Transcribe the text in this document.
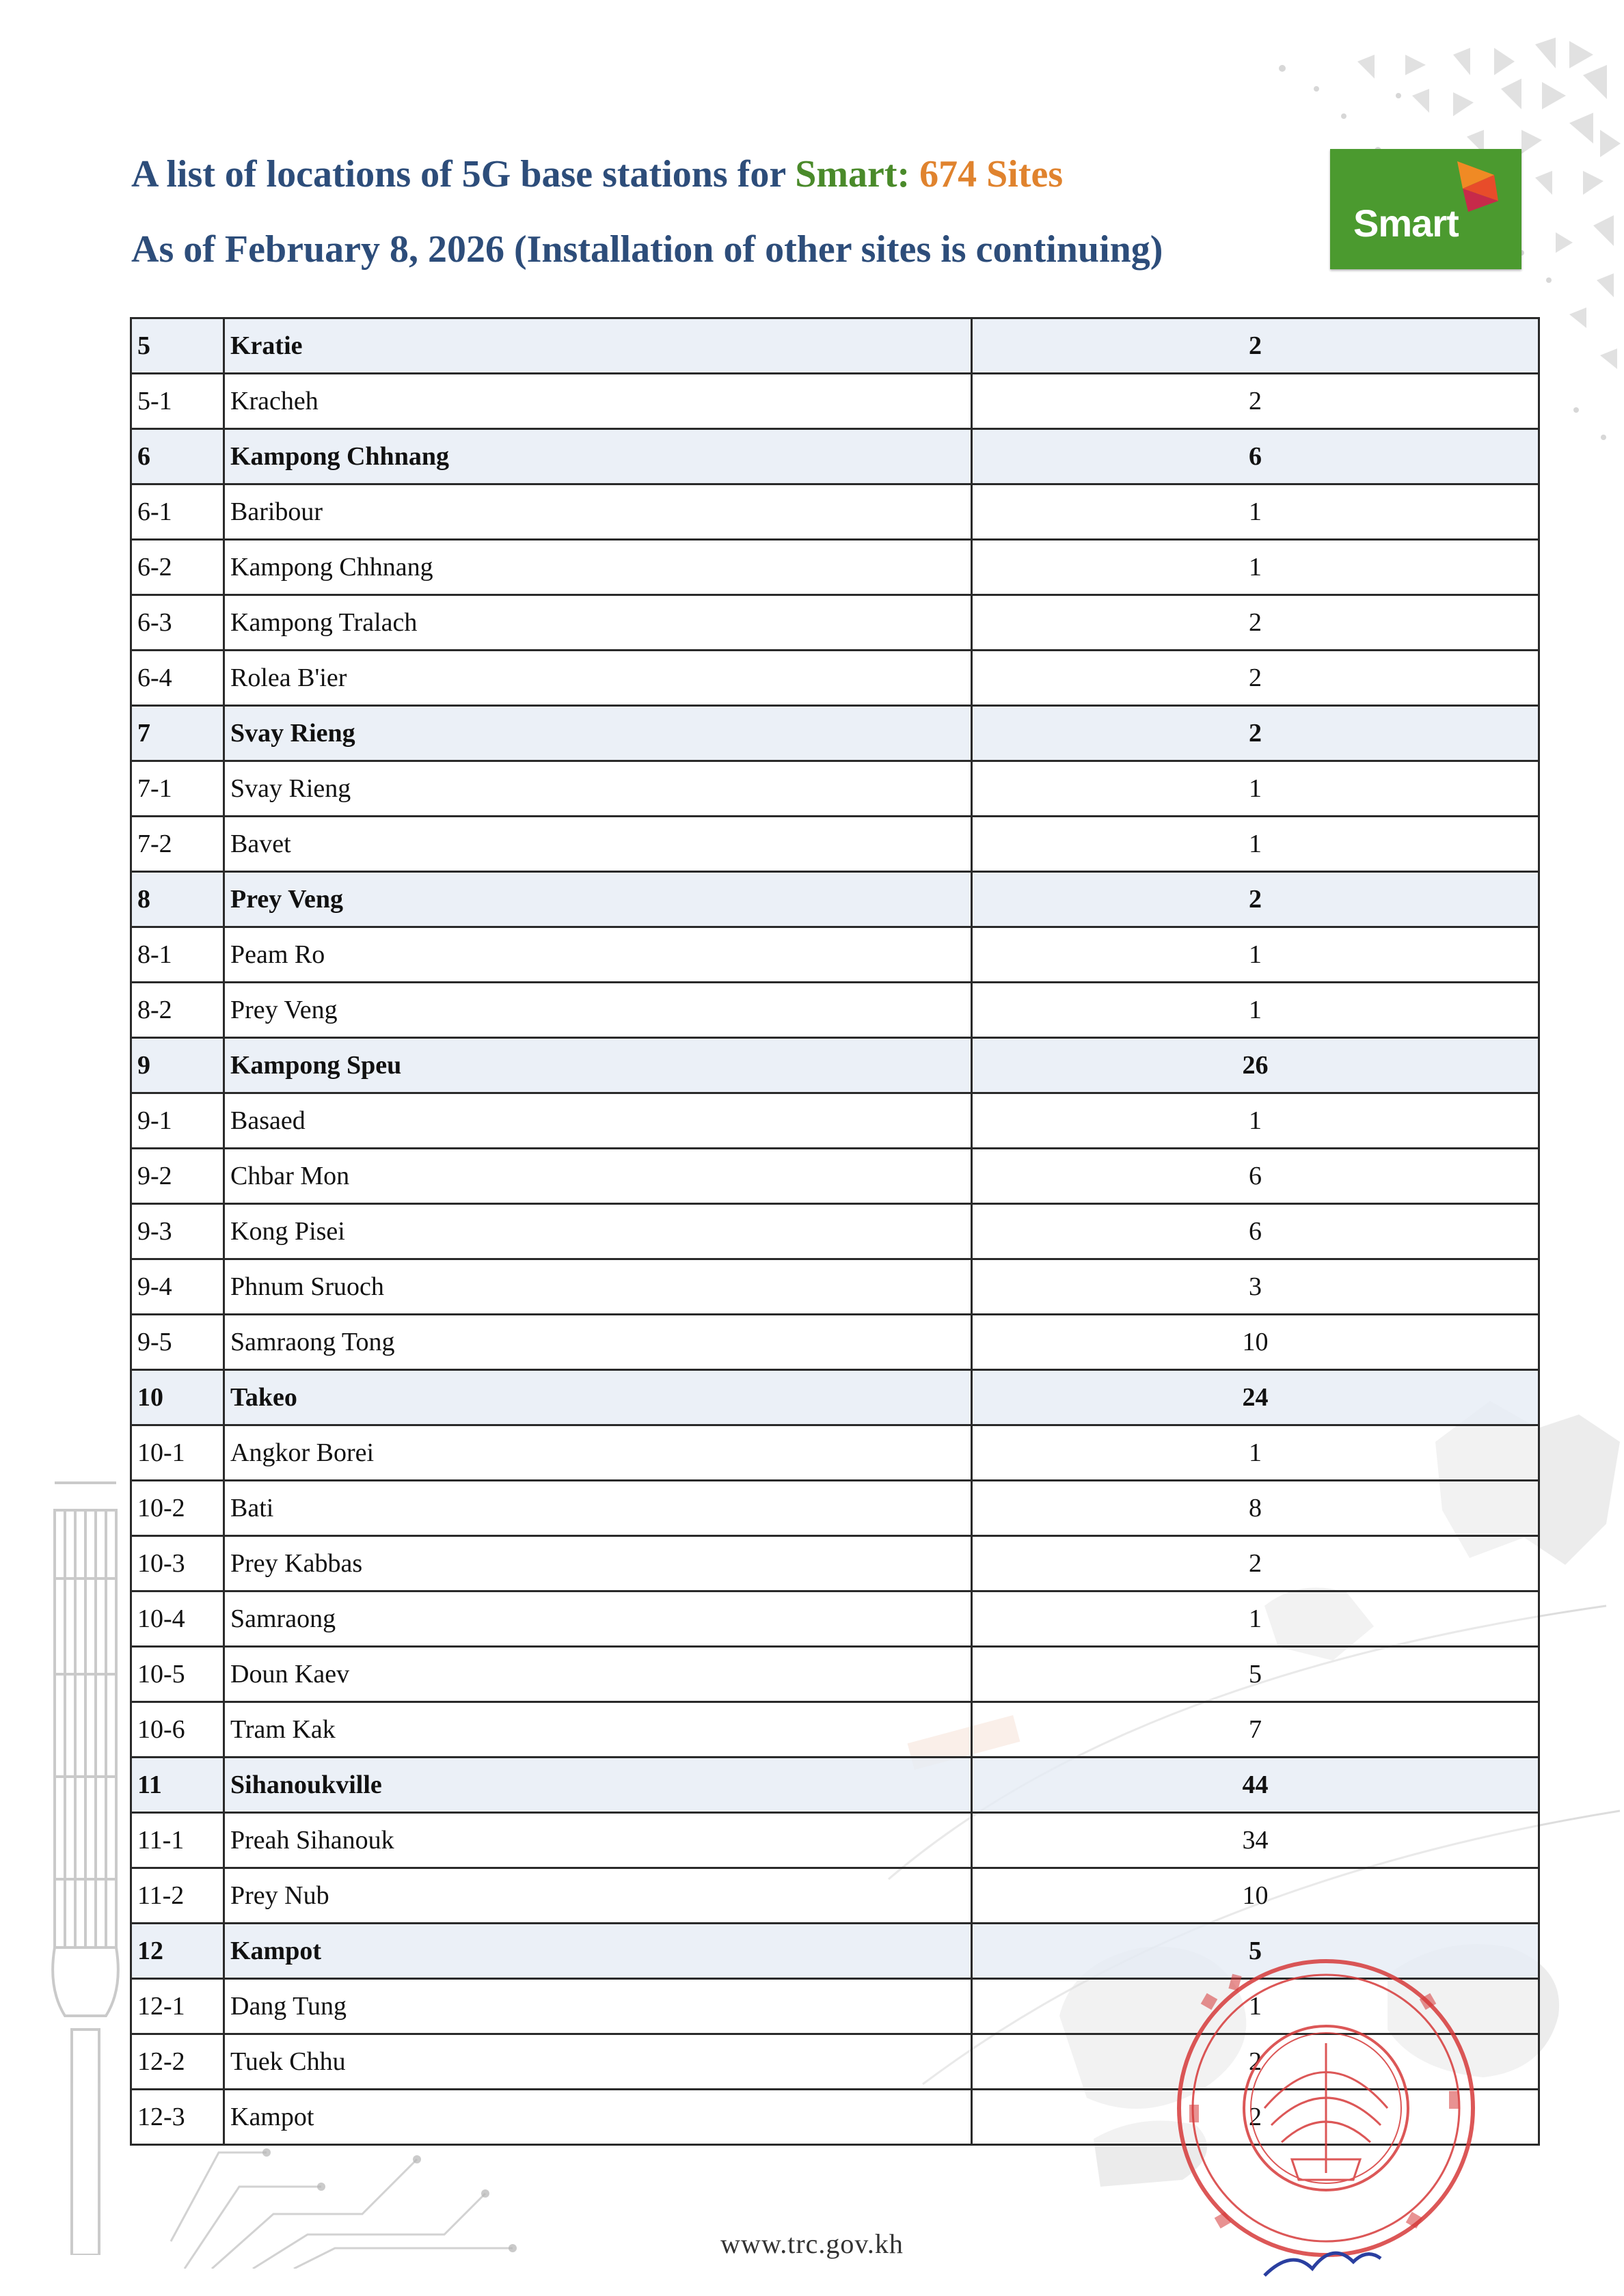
A list of locations of 5G base stations for Smart: 674 Sites
As of February 8, 2026 (Installation of other sites is continuing)
Smart
5	Kratie	2
5-1	Kracheh	2
6	Kampong Chhnang	6
6-1	Baribour	1
6-2	Kampong Chhnang	1
6-3	Kampong Tralach	2
6-4	Rolea B'ier	2
7	Svay Rieng	2
7-1	Svay Rieng	1
7-2	Bavet	1
8	Prey Veng	2
8-1	Peam Ro	1
8-2	Prey Veng	1
9	Kampong Speu	26
9-1	Basaed	1
9-2	Chbar Mon	6
9-3	Kong Pisei	6
9-4	Phnum Sruoch	3
9-5	Samraong Tong	10
10	Takeo	24
10-1	Angkor Borei	1
10-2	Bati	8
10-3	Prey Kabbas	2
10-4	Samraong	1
10-5	Doun Kaev	5
10-6	Tram Kak	7
11	Sihanoukville	44
11-1	Preah Sihanouk	34
11-2	Prey Nub	10
12	Kampot	5
12-1	Dang Tung	1
12-2	Tuek Chhu	2
12-3	Kampot	2
www.trc.gov.kh
